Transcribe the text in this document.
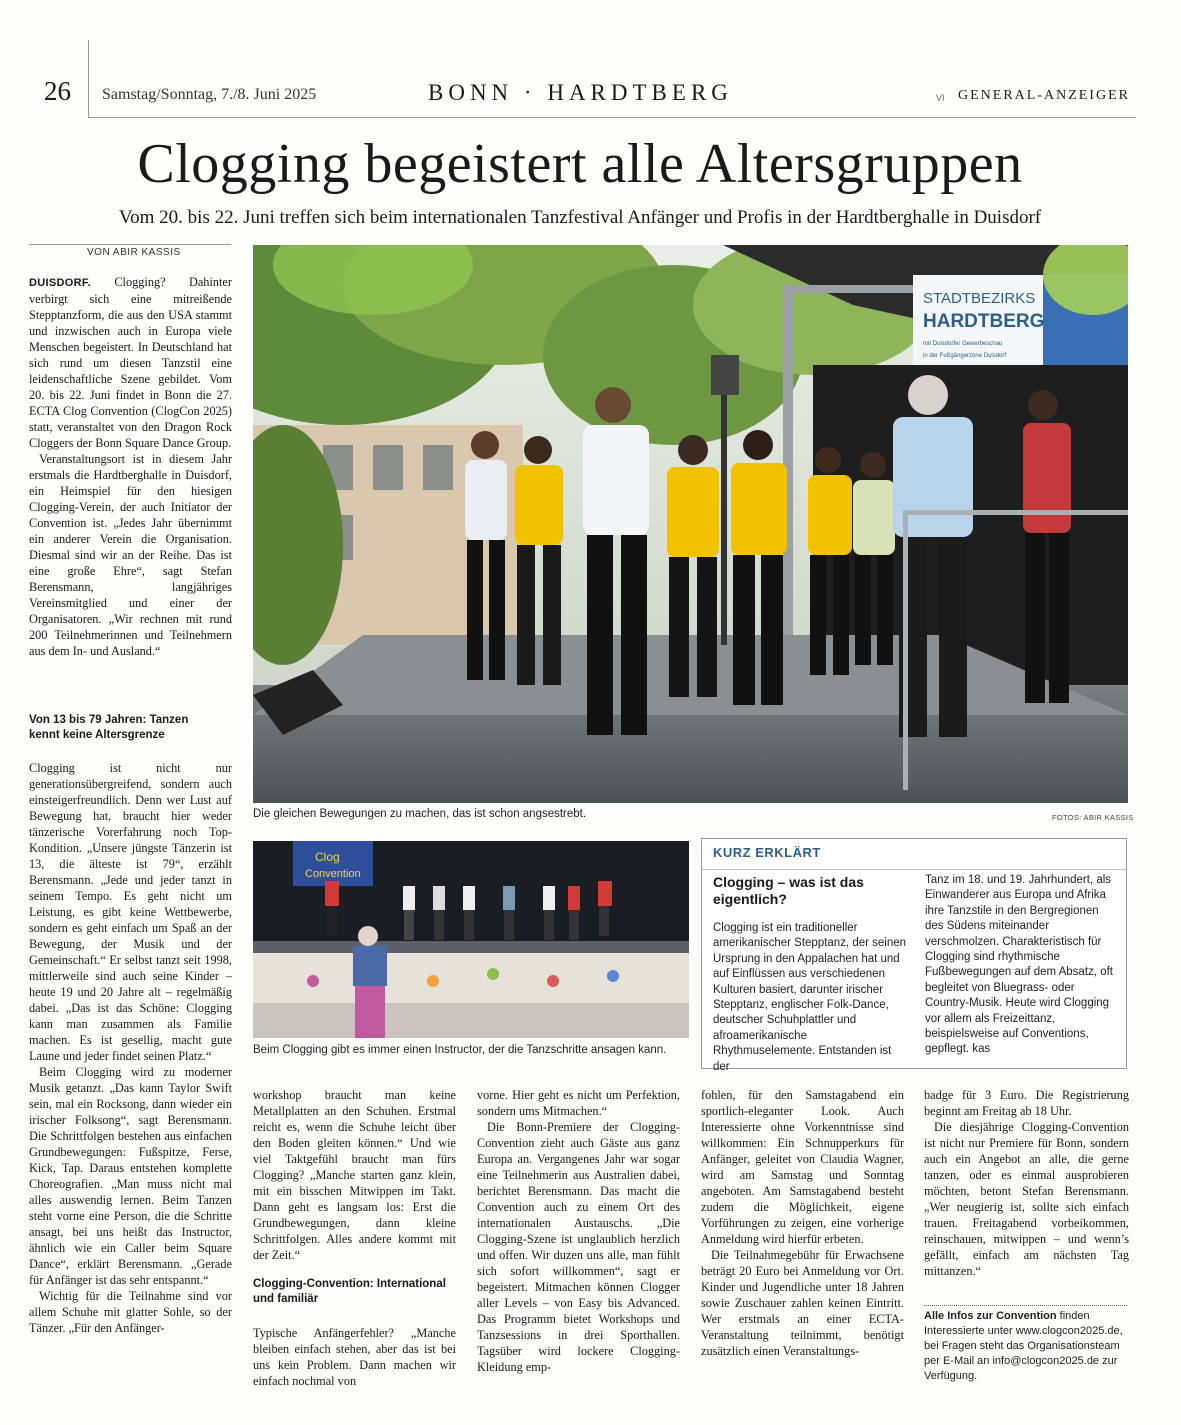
26 Samstag/Sonntag, 7./8. Juni 2025	BONN · HARDTBERG	VI GENERAL-ANZEIGER
Clogging begeistert alle Altersgruppen
Vom 20. bis 22. Juni treffen sich beim internationalen Tanzfestival Anfänger und Profis in der Hardtberghalle in Duisdorf
VON ABIR KASSIS

DUISDORF. Clogging? Dahinter verbirgt sich eine mitreißende Stepptanzform, die aus den USA stammt und inzwischen auch in Europa viele Menschen begeistert. In Deutschland hat sich rund um diesen Tanzstil eine leidenschaftliche Szene gebildet. Vom 20. bis 22. Juni findet in Bonn die 27. ECTA Clog Convention (ClogCon 2025) statt, veranstaltet von den Dragon Rock Cloggers der Bonn Square Dance Group.

Veranstaltungsort ist in diesem Jahr erstmals die Hardtberghalle in Duisdorf, ein Heimspiel für den hiesigen Clogging-Verein, der auch Initiator der Convention ist. „Jedes Jahr übernimmt ein anderer Verein die Organisation. Diesmal sind wir an der Reihe. Das ist eine große Ehre“, sagt Stefan Berensmann, langjähriges Vereinsmitglied und einer der Organisatoren. „Wir rechnen mit rund 200 Teilnehmerinnen und Teilnehmern aus dem In- und Ausland.“

Von 13 bis 79 Jahren: Tanzen kennt keine Altersgrenze

Clogging ist nicht nur generationsübergreifend, sondern auch einsteigerfreundlich. Denn wer Lust auf Bewegung hat, braucht hier weder tänzerische Vorerfahrung noch Top-Kondition. „Unsere jüngste Tänzerin ist 13, die älteste ist 79“, erzählt Berensmann. „Jede und jeder tanzt in seinem Tempo. Es geht nicht um Leistung, es gibt keine Wettbewerbe, sondern es geht einfach um Spaß an der Bewegung, der Musik und der Gemeinschaft.“ Er selbst tanzt seit 1998, mittlerweile sind auch seine Kinder – heute 19 und 20 Jahre alt – regelmäßig dabei. „Das ist das Schöne: Clogging kann man zusammen als Familie machen. Es ist gesellig, macht gute Laune und jeder findet seinen Platz.“

Beim Clogging wird zu moderner Musik getanzt. „Das kann Taylor Swift sein, mal ein Rocksong, dann wieder ein irischer Folksong“, sagt Berensmann. Die Schrittfolgen bestehen aus einfachen Grundbewegungen: Fußspitze, Ferse, Kick, Tap. Daraus entstehen komplette Choreografien. „Man muss nicht mal alles auswendig lernen. Beim Tanzen steht vorne eine Person, die die Schritte ansagt, bei uns heißt das Instructor, ähnlich wie ein Caller beim Square Dance“, erklärt Berensmann. „Gerade für Anfänger ist das sehr entspannt.“

Wichtig für die Teilnahme sind vor allem Schuhe mit glatter Sohle, so der Tänzer. „Für den Anfänger-

STADTBEZIRKS
HARDTBERG
mit Duisdorfer Gewerbeschau
in der Fußgängerzone Duisdorf
Die gleichen Bewegungen zu machen, das ist schon angsestrebt.	FOTOS: ABIR KASSIS
Clog
Convention
Beim Clogging gibt es immer einen Instructor, der die Tanzschritte ansagen kann.
KURZ ERKLÄRT
Clogging – was ist das eigentlich?
Clogging ist ein traditioneller amerikanischer Stepptanz, der seinen Ursprung in den Appalachen hat und auf Einflüssen aus verschiedenen Kulturen basiert, darunter irischer Stepptanz, englischer Folk-Dance, deutscher Schuhplattler und afroamerikanische Rhythmuselemente. Entstanden ist der
Tanz im 18. und 19. Jahrhundert, als Einwanderer aus Europa und Afrika ihre Tanzstile in den Bergregionen des Südens miteinander verschmolzen. Charakteristisch für Clogging sind rhythmische Fußbewegungen auf dem Absatz, oft begleitet von Bluegrass- oder Country-Musik. Heute wird Clogging vor allem als Freizeittanz, beispielsweise auf Conventions, gepflegt. kas

workshop braucht man keine Metallplatten an den Schuhen. Erstmal reicht es, wenn die Schuhe leicht über den Boden gleiten können.“ Und wie viel Taktgefühl braucht man fürs Clogging? „Manche starten ganz klein, mit ein bisschen Mitwippen im Takt. Dann geht es langsam los: Erst die Grundbewegungen, dann kleine Schrittfolgen. Alles andere kommt mit der Zeit.“

Clogging-Convention: International und familiär

Typische Anfängerfehler? „Manche bleiben einfach stehen, aber das ist bei uns kein Problem. Dann machen wir einfach nochmal von

vorne. Hier geht es nicht um Perfektion, sondern ums Mitmachen.“

Die Bonn-Premiere der Clogging-Convention zieht auch Gäste aus ganz Europa an. Vergangenes Jahr war sogar eine Teilnehmerin aus Australien dabei, berichtet Berensmann. Das macht die Convention auch zu einem Ort des internationalen Austauschs. „Die Clogging-Szene ist unglaublich herzlich und offen. Wir duzen uns alle, man fühlt sich sofort willkommen“, sagt er begeistert. Mitmachen können Clogger aller Levels – von Easy bis Advanced. Das Programm bietet Workshops und Tanzsessions in drei Sporthallen. Tagsüber wird lockere Clogging-Kleidung emp-

fohlen, für den Samstagabend ein sportlich-eleganter Look. Auch Interessierte ohne Vorkenntnisse sind willkommen: Ein Schnupperkurs für Anfänger, geleitet von Claudia Wagner, wird am Samstag und Sonntag angeboten. Am Samstagabend besteht zudem die Möglichkeit, eigene Vorführungen zu zeigen, eine vorherige Anmeldung wird hierfür erbeten.

Die Teilnahmegebühr für Erwachsene beträgt 20 Euro bei Anmeldung vor Ort. Kinder und Jugendliche unter 18 Jahren sowie Zuschauer zahlen keinen Eintritt. Wer erstmals an einer ECTA-Veranstaltung teilnimmt, benötigt zusätzlich einen Veranstaltungs-

badge für 3 Euro. Die Registrierung beginnt am Freitag ab 18 Uhr.

Die diesjährige Clogging-Convention ist nicht nur Premiere für Bonn, sondern auch ein Angebot an alle, die gerne tanzen, oder es einmal ausprobieren möchten, betont Stefan Berensmann. „Wer neugierig ist, sollte sich einfach trauen. Freitagabend vorbeikommen, reinschauen, mitwippen – und wenn’s gefällt, einfach am nächsten Tag mittanzen.“

Alle Infos zur Convention finden Interessierte unter www.clogcon2025.de, bei Fragen steht das Organisationsteam per E-Mail an info@clogcon2025.de zur Verfügung.
